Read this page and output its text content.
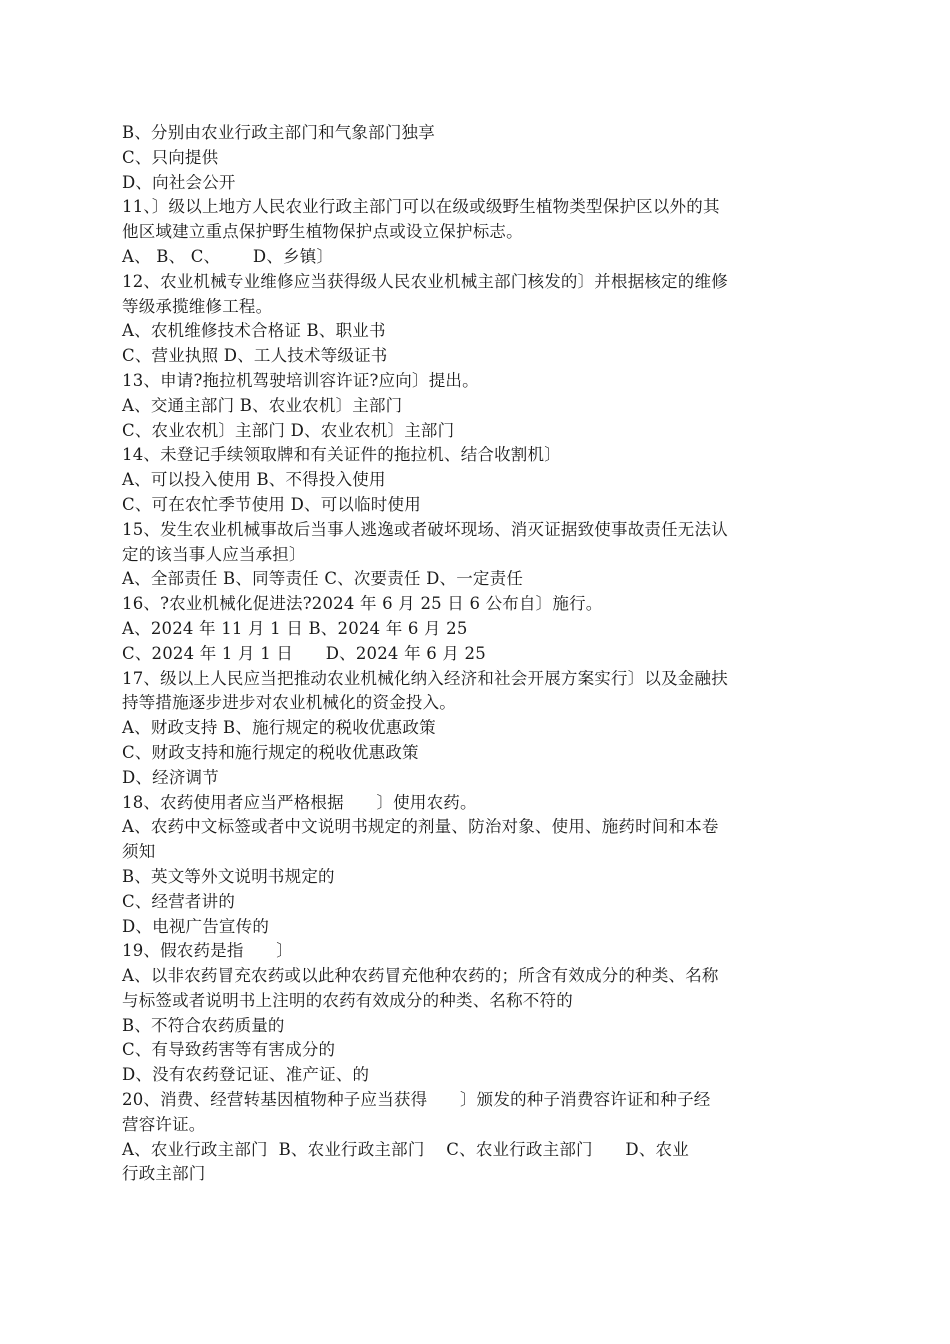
B、分别由农业行政主部门和气象部门独享
C、只向提供
D、向社会公开
11、〕级以上地方人民农业行政主部门可以在级或级野生植物类型保护区以外的其
他区域建立重点保护野生植物保护点或设立保护标志。
A、 B、 C、      D、乡镇〕
12、农业机械专业维修应当获得级人民农业机械主部门核发的〕并根据核定的维修
等级承揽维修工程。
A、农机维修技术合格证 B、职业书
C、营业执照 D、工人技术等级证书
13、申请?拖拉机驾驶培训容许证?应向〕提出。
A、交通主部门 B、农业农机〕主部门
C、农业农机〕主部门 D、农业农机〕主部门
14、未登记手续领取牌和有关证件的拖拉机、结合收割机〕
A、可以投入使用 B、不得投入使用
C、可在农忙季节使用 D、可以临时使用
15、发生农业机械事故后当事人逃逸或者破坏现场、消灭证据致使事故责任无法认
定的该当事人应当承担〕
A、全部责任 B、同等责任 C、次要责任 D、一定责任
16、?农业机械化促进法?2024 年 6 月 25 日 6 公布自〕施行。
A、2024 年 11 月 1 日 B、2024 年 6 月 25
C、2024 年 1 月 1 日      D、2024 年 6 月 25
17、级以上人民应当把推动农业机械化纳入经济和社会开展方案实行〕以及金融扶
持等措施逐步进步对农业机械化的资金投入。
A、财政支持 B、施行规定的税收优惠政策
C、财政支持和施行规定的税收优惠政策
D、经济调节
18、农药使用者应当严格根据      〕使用农药。
A、农药中文标签或者中文说明书规定的剂量、防治对象、使用、施药时间和本卷
须知
B、英文等外文说明书规定的
C、经营者讲的
D、电视广告宣传的
19、假农药是指      〕
A、以非农药冒充农药或以此种农药冒充他种农药的；所含有效成分的种类、名称
与标签或者说明书上注明的农药有效成分的种类、名称不符的
B、不符合农药质量的
C、有导致药害等有害成分的
D、没有农药登记证、准产证、的
20、消费、经营转基因植物种子应当获得      〕颁发的种子消费容许证和种子经
营容许证。
A、农业行政主部门  B、农业行政主部门    C、农业行政主部门      D、农业
行政主部门
